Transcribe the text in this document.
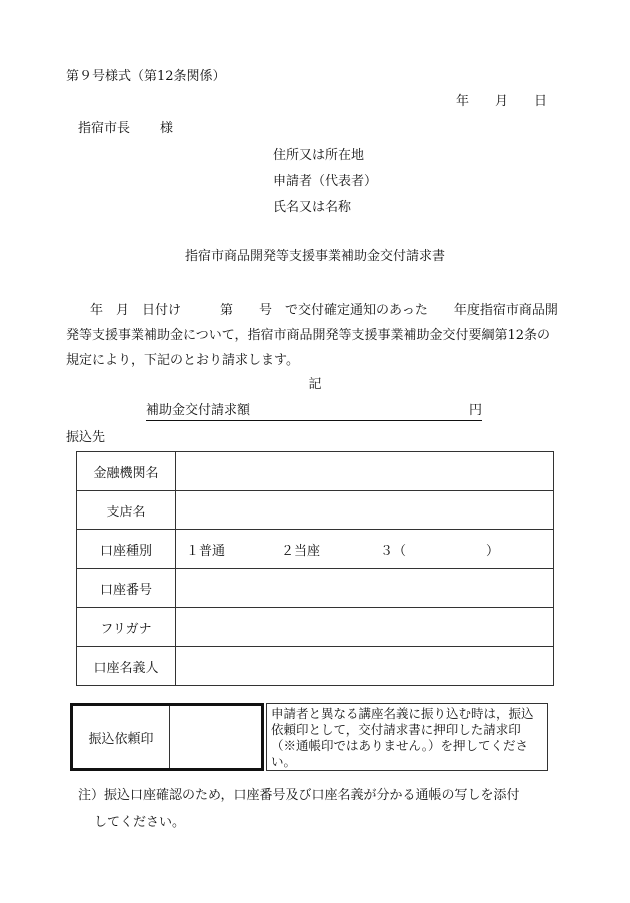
第９号様式（第12条関係）
年 月 日
指宿市長 様
住所又は所在地
申請者（代表者）
氏名又は名称
指宿市商品開発等支援事業補助金交付請求書
年　月　日付け　　　第　　号　で交付確定通知のあった　　年度指宿市商品開発等支援事業補助金について，指宿市商品開発等支援事業補助金交付要綱第12条の規定により，下記のとおり請求します。
記
補助金交付請求額	円
振込先
金融機関名	
支店名	
口座種別	１普通 ２当座 ３（ ）
口座番号	
フリガナ	
口座名義人	
振込依頼印
申請者と異なる講座名義に振り込む時は，振込依頼印として，交付請求書に押印した請求印（※通帳印ではありません。）を押してください。
注）振込口座確認のため，口座番号及び口座名義が分かる通帳の写しを添付
してください。
